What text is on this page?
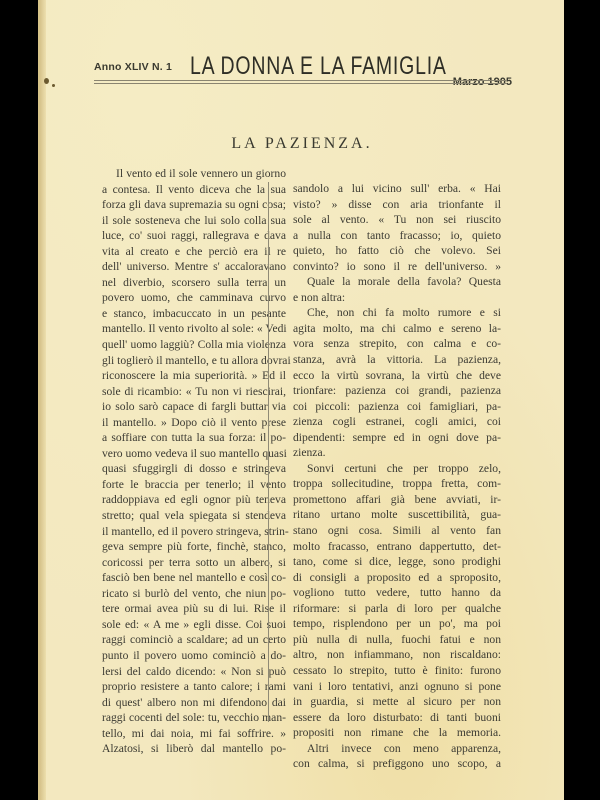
Anno XLIV N. 1 LA DONNA E LA FAMIGLIA
Marzo 1905
LA PAZIENZA.
Il vento ed il sole vennero un giorno
a contesa. Il vento diceva che la sua
forza gli dava supremazia su ogni cosa;
il sole sosteneva che lui solo colla sua
luce, co' suoi raggi, rallegrava e dava
vita al creato e che perciò era il re
dell' universo. Mentre s' accaloravano
nel diverbio, scorsero sulla terra un
povero uomo, che camminava curvo
e stanco, imbacuccato in un pesante
mantello. Il vento rivolto al sole: « Vedi
quell' uomo laggiù? Colla mia violenza
gli toglierò il mantello, e tu allora dovrai
riconoscere la mia superiorità. » Ed il
sole di ricambio: « Tu non vi riescirai,
io solo sarò capace di fargli buttar via
il mantello. » Dopo ciò il vento prese
a soffiare con tutta la sua forza: il po-
vero uomo vedeva il suo mantello quasi
quasi sfuggirgli di dosso e stringeva
forte le braccia per tenerlo; il vento
raddoppiava ed egli ognor più teneva
stretto; qual vela spiegata si stendeva
il mantello, ed il povero stringeva, strin-
geva sempre più forte, finchè, stanco,
coricossi per terra sotto un albero, si
fasciò ben bene nel mantello e così co-
ricato si burlò del vento, che niun po-
tere ormai avea più su di lui. Rise il
sole ed: « A me » egli disse. Coi suoi
raggi cominciò a scaldare; ad un certo
punto il povero uomo cominciò a do-
lersi del caldo dicendo: « Non si può
proprio resistere a tanto calore; i rami
di quest' albero non mi difendono dai
raggi cocenti del sole: tu, vecchio man-
tello, mi dai noia, mi fai soffrire. »
Alzatosi, si liberò dal mantello po-
sandolo a lui vicino sull' erba. « Hai
visto? » disse con aria trionfante il
sole al vento. « Tu non sei riuscito
a nulla con tanto fracasso; io, quieto
quieto, ho fatto ciò che volevo. Sei
convinto? io sono il re dell'universo. »
Quale la morale della favola? Questa
e non altra:
Che, non chi fa molto rumore e si
agita molto, ma chi calmo e sereno la-
vora senza strepito, con calma e co-
stanza, avrà la vittoria. La pazienza,
ecco la virtù sovrana, la virtù che deve
trionfare: pazienza coi grandi, pazienza
coi piccoli: pazienza coi famigliari, pa-
zienza cogli estranei, cogli amici, coi
dipendenti: sempre ed in ogni dove pa-
zienza.
Sonvi certuni che per troppo zelo,
troppa sollecitudine, troppa fretta, com-
promettono affari già bene avviati, ir-
ritano urtano molte suscettibilità, gua-
stano ogni cosa. Simili al vento fan
molto fracasso, entrano dappertutto, det-
tano, come si dice, legge, sono prodighi
di consigli a proposito ed a sproposito,
vogliono tutto vedere, tutto hanno da
riformare: si parla di loro per qualche
tempo, risplendono per un po', ma poi
più nulla di nulla, fuochi fatui e non
altro, non infiammano, non riscaldano:
cessato lo strepito, tutto è finito: furono
vani i loro tentativi, anzi ognuno si pone
in guardia, si mette al sicuro per non
essere da loro disturbato: di tanti buoni
propositi non rimane che la memoria.
Altri invece con meno apparenza,
con calma, si prefiggono uno scopo, a
